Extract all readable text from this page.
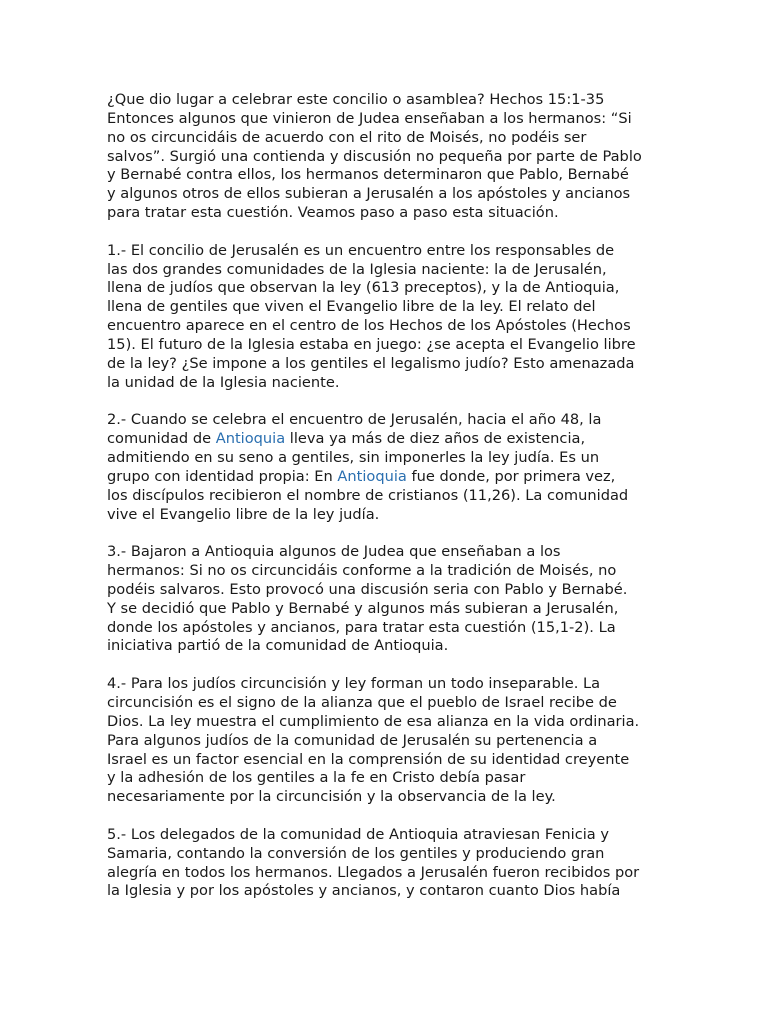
¿Que dio lugar a celebrar este concilio o asamblea? Hechos 15:1-35
Entonces algunos que vinieron de Judea enseñaban a los hermanos: “Si
no os circuncidáis de acuerdo con el rito de Moisés, no podéis ser
salvos”. Surgió una contienda y discusión no pequeña por parte de Pablo
y Bernabé contra ellos, los hermanos determinaron que Pablo, Bernabé
y algunos otros de ellos subieran a Jerusalén a los apóstoles y ancianos
para tratar esta cuestión. Veamos paso a paso esta situación.

1.- El concilio de Jerusalén es un encuentro entre los responsables de
las dos grandes comunidades de la Iglesia naciente: la de Jerusalén,
llena de judíos que observan la ley (613 preceptos), y la de Antioquia,
llena de gentiles que viven el Evangelio libre de la ley. El relato del
encuentro aparece en el centro de los Hechos de los Apóstoles (Hechos
15). El futuro de la Iglesia estaba en juego: ¿se acepta el Evangelio libre
de la ley? ¿Se impone a los gentiles el legalismo judío? Esto amenazada
la unidad de la Iglesia naciente.

2.- Cuando se celebra el encuentro de Jerusalén, hacia el año 48, la
comunidad de Antioquia lleva ya más de diez años de existencia,
admitiendo en su seno a gentiles, sin imponerles la ley judía. Es un
grupo con identidad propia: En Antioquia fue donde, por primera vez,
los discípulos recibieron el nombre de cristianos (11,26). La comunidad
vive el Evangelio libre de la ley judía.

3.- Bajaron a Antioquia algunos de Judea que enseñaban a los
hermanos: Si no os circuncidáis conforme a la tradición de Moisés, no
podéis salvaros. Esto provocó una discusión seria con Pablo y Bernabé.
Y se decidió que Pablo y Bernabé y algunos más subieran a Jerusalén,
donde los apóstoles y ancianos, para tratar esta cuestión (15,1-2). La
iniciativa partió de la comunidad de Antioquia.

4.- Para los judíos circuncisión y ley forman un todo inseparable. La
circuncisión es el signo de la alianza que el pueblo de Israel recibe de
Dios. La ley muestra el cumplimiento de esa alianza en la vida ordinaria.
Para algunos judíos de la comunidad de Jerusalén su pertenencia a
Israel es un factor esencial en la comprensión de su identidad creyente
y la adhesión de los gentiles a la fe en Cristo debía pasar
necesariamente por la circuncisión y la observancia de la ley.

5.- Los delegados de la comunidad de Antioquia atraviesan Fenicia y
Samaria, contando la conversión de los gentiles y produciendo gran
alegría en todos los hermanos. Llegados a Jerusalén fueron recibidos por
la Iglesia y por los apóstoles y ancianos, y contaron cuanto Dios había
